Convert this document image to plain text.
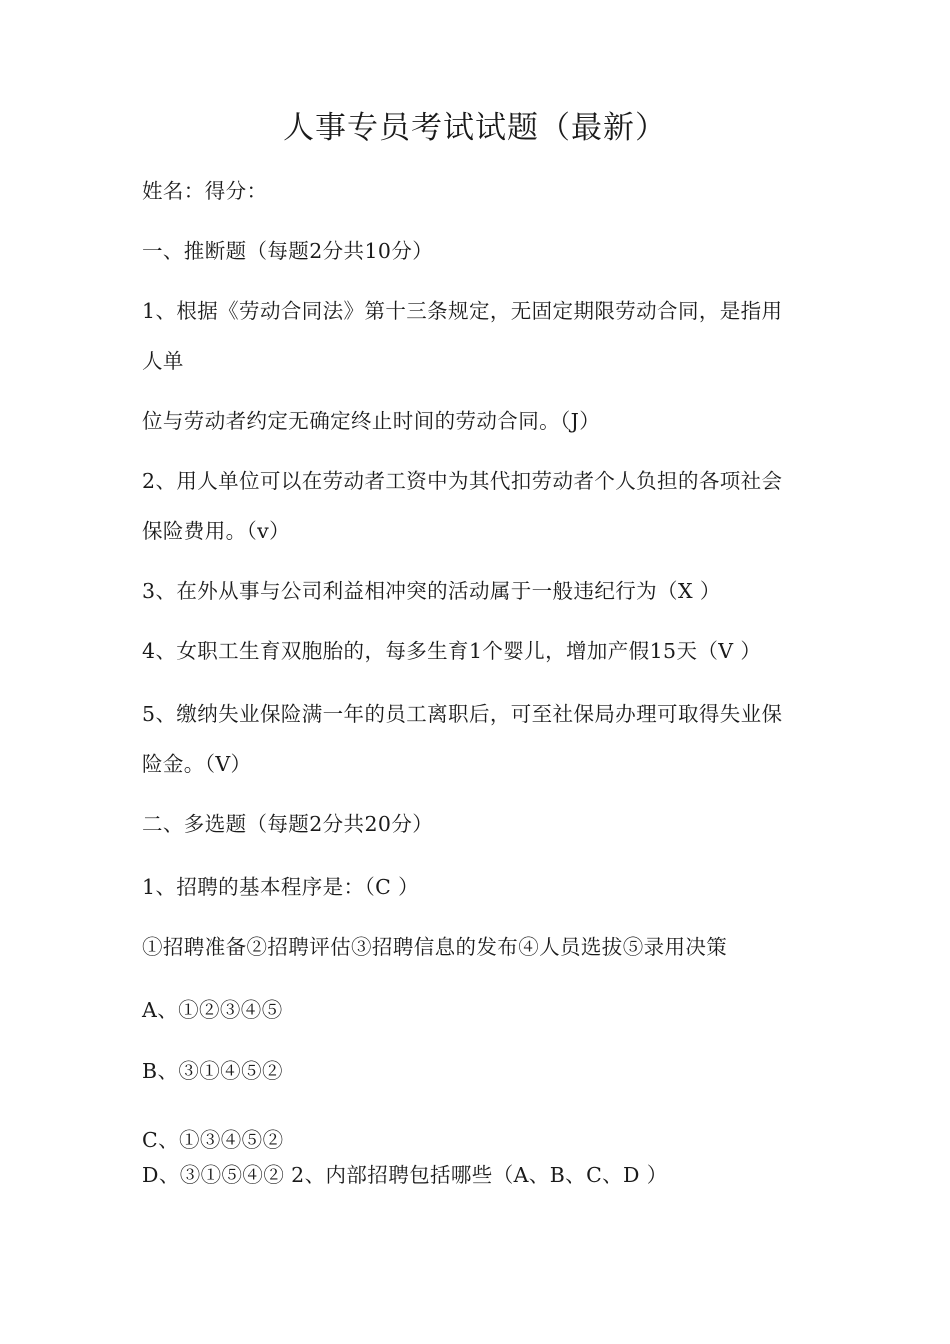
人事专员考试试题（最新）
姓名：得分：
一、推断题（每题2分共10分）
1、根据《劳动合同法》第十三条规定，无固定期限劳动合同，是指用
人单
位与劳动者约定无确定终止时间的劳动合同。（J）
2、用人单位可以在劳动者工资中为其代扣劳动者个人负担的各项社会
保险费用。（v）
3、在外从事与公司利益相冲突的活动属于一般违纪行为（X ）
4、女职工生育双胞胎的，每多生育1个婴儿，增加产假15天（V ）
5、缴纳失业保险满一年的员工离职后，可至社保局办理可取得失业保
险金。（V）
二、多选题（每题2分共20分）
1、招聘的基本程序是：（C ）
①招聘准备②招聘评估③招聘信息的发布④人员选拔⑤录用决策
A、①②③④⑤
B、③①④⑤②
C、①③④⑤②
D、③①⑤④② 2、内部招聘包括哪些（A、B、C、D ）
